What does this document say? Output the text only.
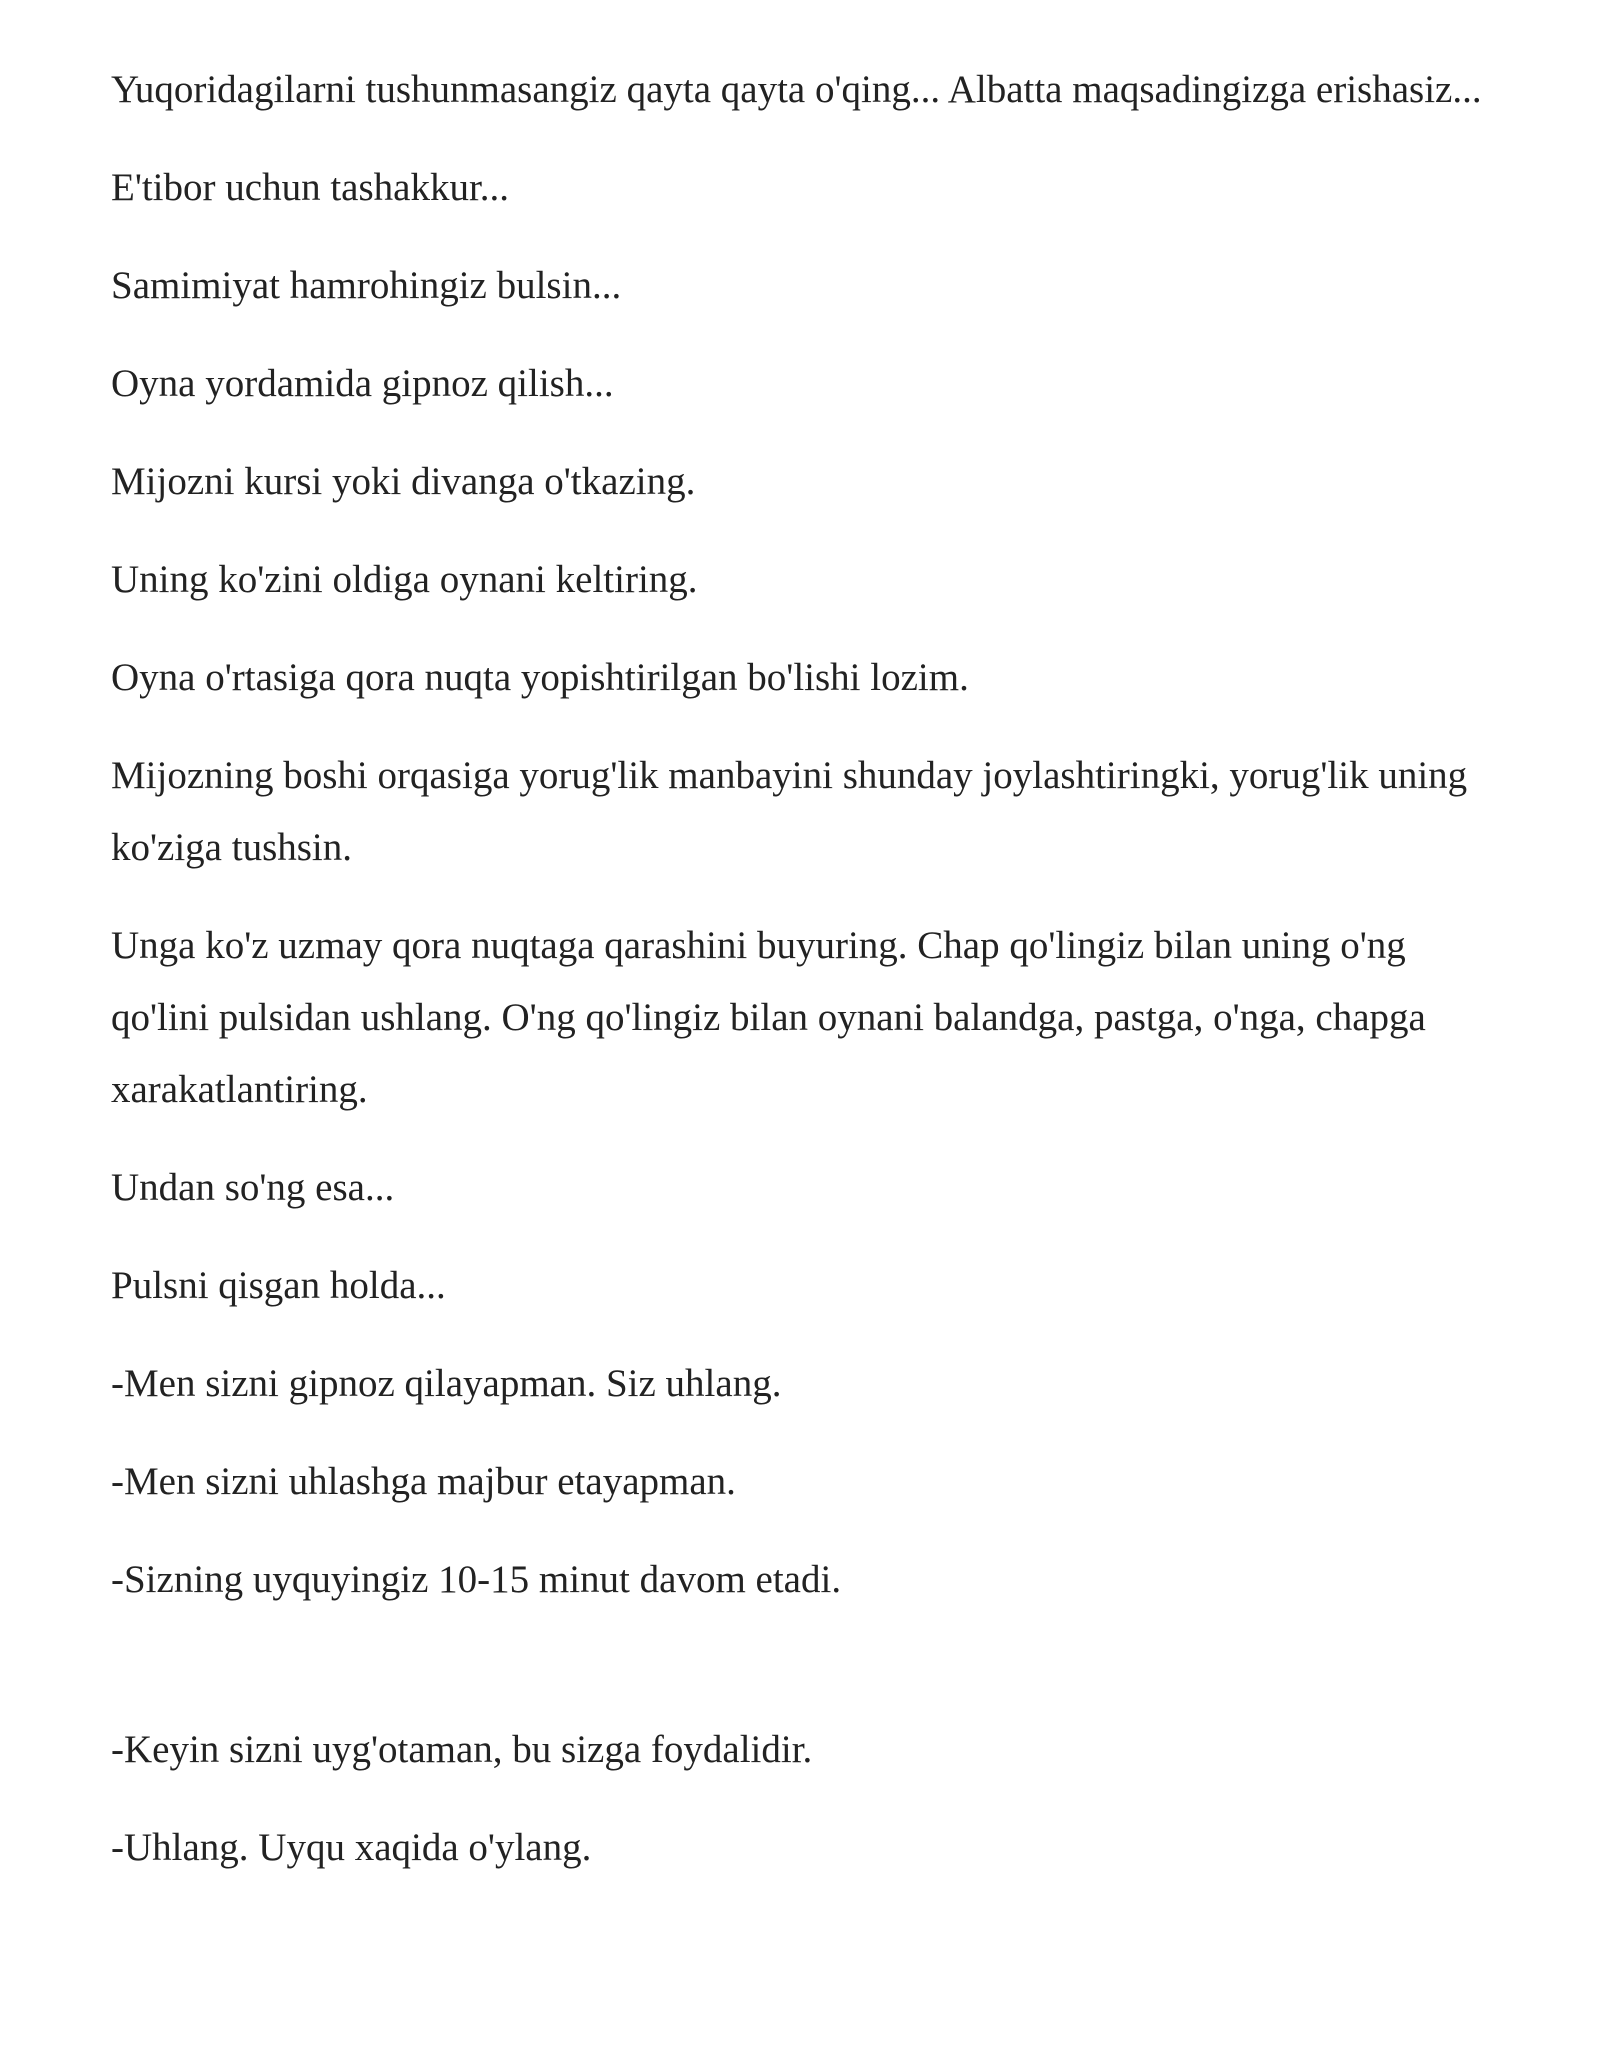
Yuqoridagilarni tushunmasangiz qayta qayta o'qing... Albatta maqsadingizga erishasiz...

E'tibor uchun tashakkur...

Samimiyat hamrohingiz bulsin...

Oyna yordamida gipnoz qilish...

Mijozni kursi yoki divanga o'tkazing.

Uning ko'zini oldiga oynani keltiring.

Oyna o'rtasiga qora nuqta yopishtirilgan bo'lishi lozim.

Mijozning boshi orqasiga yorug'lik manbayini shunday joylashtiringki, yorug'lik uning ko'ziga tushsin.

Unga ko'z uzmay qora nuqtaga qarashini buyuring. Chap qo'lingiz bilan uning o'ng qo'lini pulsidan ushlang. O'ng qo'lingiz bilan oynani balandga, pastga, o'nga, chapga xarakatlantiring.

Undan so'ng esa...

Pulsni qisgan holda...

-Men sizni gipnoz qilayapman. Siz uhlang.

-Men sizni uhlashga majbur etayapman.

-Sizning uyquyingiz 10-15 minut davom etadi.

-Keyin sizni uyg'otaman, bu sizga foydalidir.

-Uhlang. Uyqu xaqida o'ylang.
